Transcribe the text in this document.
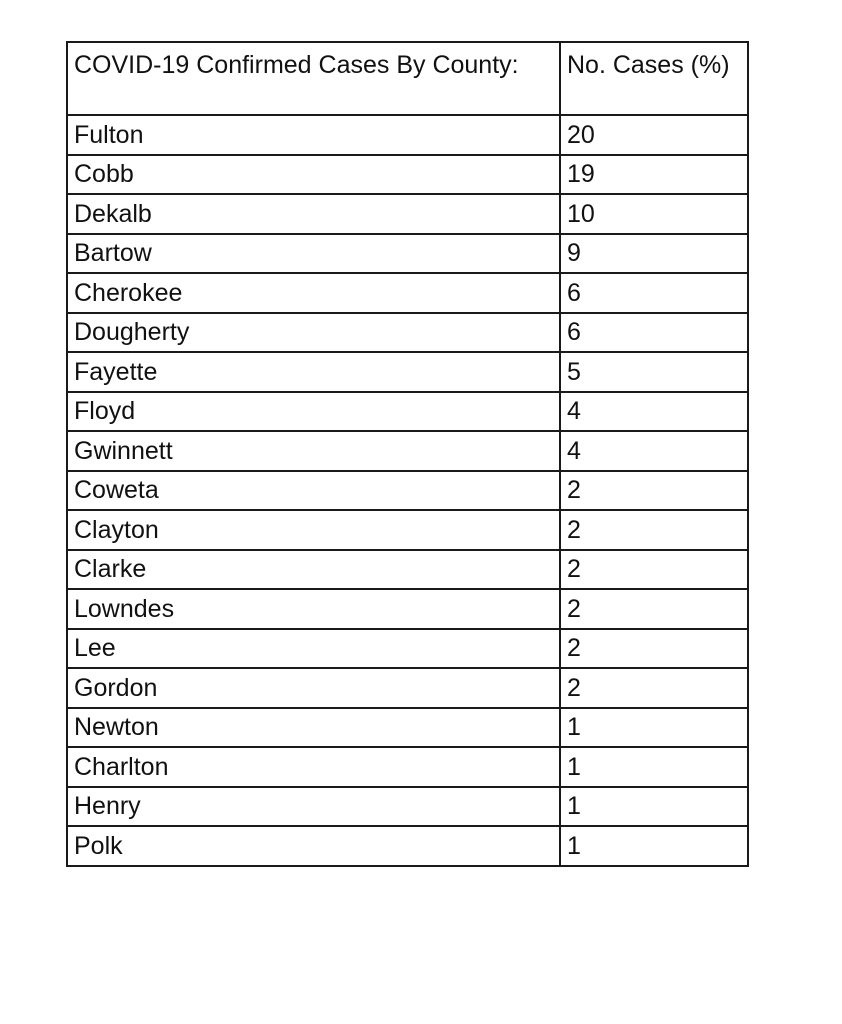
COVID-19 Confirmed Cases By County:	No. Cases (%)
Fulton	20
Cobb	19
Dekalb	10
Bartow	9
Cherokee	6
Dougherty	6
Fayette	5
Floyd	4
Gwinnett	4
Coweta	2
Clayton	2
Clarke	2
Lowndes	2
Lee	2
Gordon	2
Newton	1
Charlton	1
Henry	1
Polk	1
